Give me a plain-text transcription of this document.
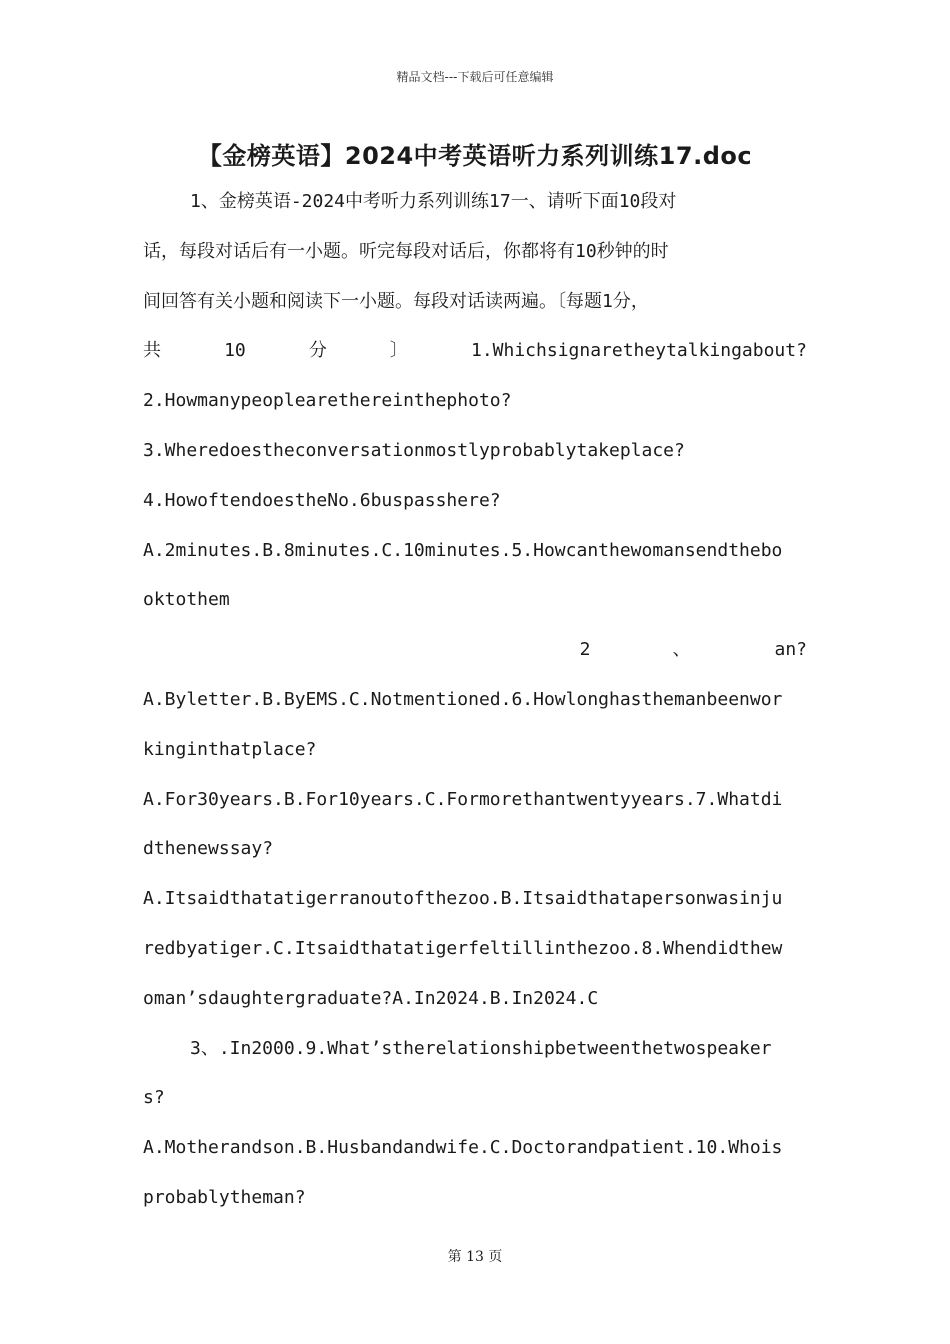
精品文档---下载后可任意编辑
【金榜英语】2024中考英语听力系列训练17.doc
1、金榜英语-2024中考听力系列训练17一、请听下面10段对
话，每段对话后有一小题。听完每段对话后，你都将有10秒钟的时
间回答有关小题和阅读下一小题。每段对话读两遍。〔每题1分，
共	10	分	〕	1.Whichsignaretheytalkingabout?
2.Howmanypeoplearethereinthephoto?
3.Wheredoestheconversationmostlyprobablytakeplace?
4.HowoftendoestheNo.6buspasshere?
A.2minutes.B.8minutes.C.10minutes.5.Howcanthewomansendthebo
oktothem
2	、	an?
A.Byletter.B.ByEMS.C.Notmentioned.6.Howlonghasthemanbeenwor
kinginthatplace?
A.For30years.B.For10years.C.Formorethantwentyyears.7.Whatdi
dthenewssay?
A.Itsaidthatatigerranoutofthezoo.B.Itsaidthatapersonwasinju
redbyatiger.C.Itsaidthatatigerfeltillinthezoo.8.Whendidthew
oman’sdaughtergraduate?A.In2024.B.In2024.C
3、.In2000.9.What’stherelationshipbetweenthetwospeaker
s?
A.Motherandson.B.Husbandandwife.C.Doctorandpatient.10.Whois
probablytheman?
第 13 页
